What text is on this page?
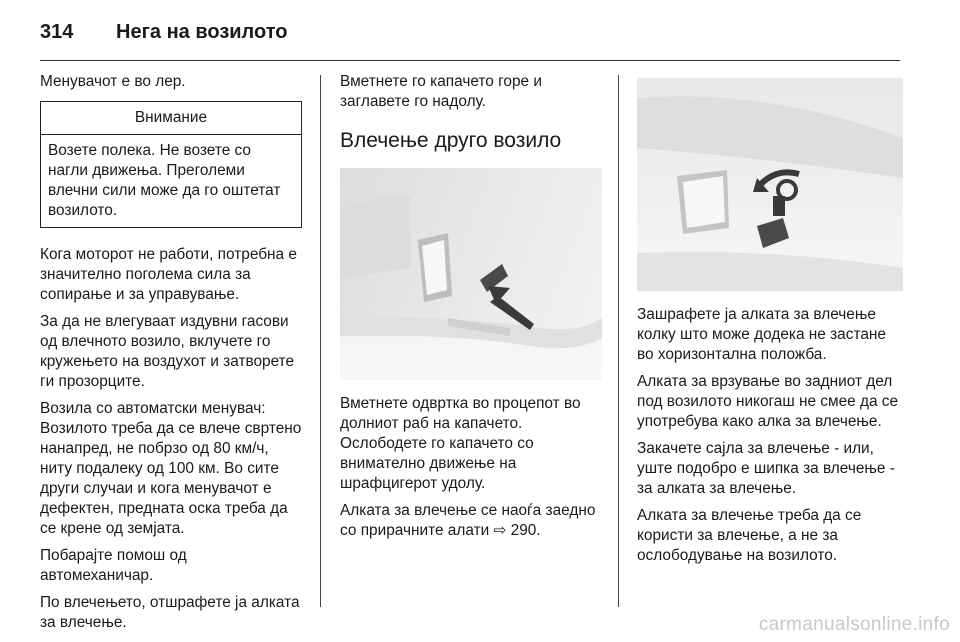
314 Нега на возилото

Менувачот е во лер.

Внимание
Возете полека. Не возете со нагли движења. Преголеми влечни сили може да го оштетат возилото.

Кога моторот не работи, потребна е значително поголема сила за сопирање и за управување.

За да не влегуваат издувни гасови од влечното возило, вклучете го кружењето на воздухот и затворете ги прозорците.

Возила со автоматски менувач: Возилото треба да се влече свртено нанапред, не побрзо од 80 км/ч, ниту подалеку од 100 км. Во сите други случаи и кога менувачот е дефектен, предната оска треба да се крене од земјата.

Побарајте помош од автомеханичар.

По влечењето, отшрафете ја алката за влечење.

Вметнете го капачето горе и заглавете го надолу.

Влечење друго возило

Вметнете одвртка во процепот во долниот раб на капачето. Ослободете го капачето со внимателно движење на шрафцигерот удолу.

Алката за влечење се наоѓа заедно со прирачните алати ⇨ 290.

Зашрафете ја алката за влечење колку што може додека не застане во хоризонтална положба.

Алката за врзување во задниот дел под возилото никогаш не смее да се употребува како алка за влечење.

Закачете сајла за влечење - или, уште подобро е шипка за влечење - за алката за влечење.

Алката за влечење треба да се користи за влечење, а не за ослободување на возилото.

carmanualsonline.info
